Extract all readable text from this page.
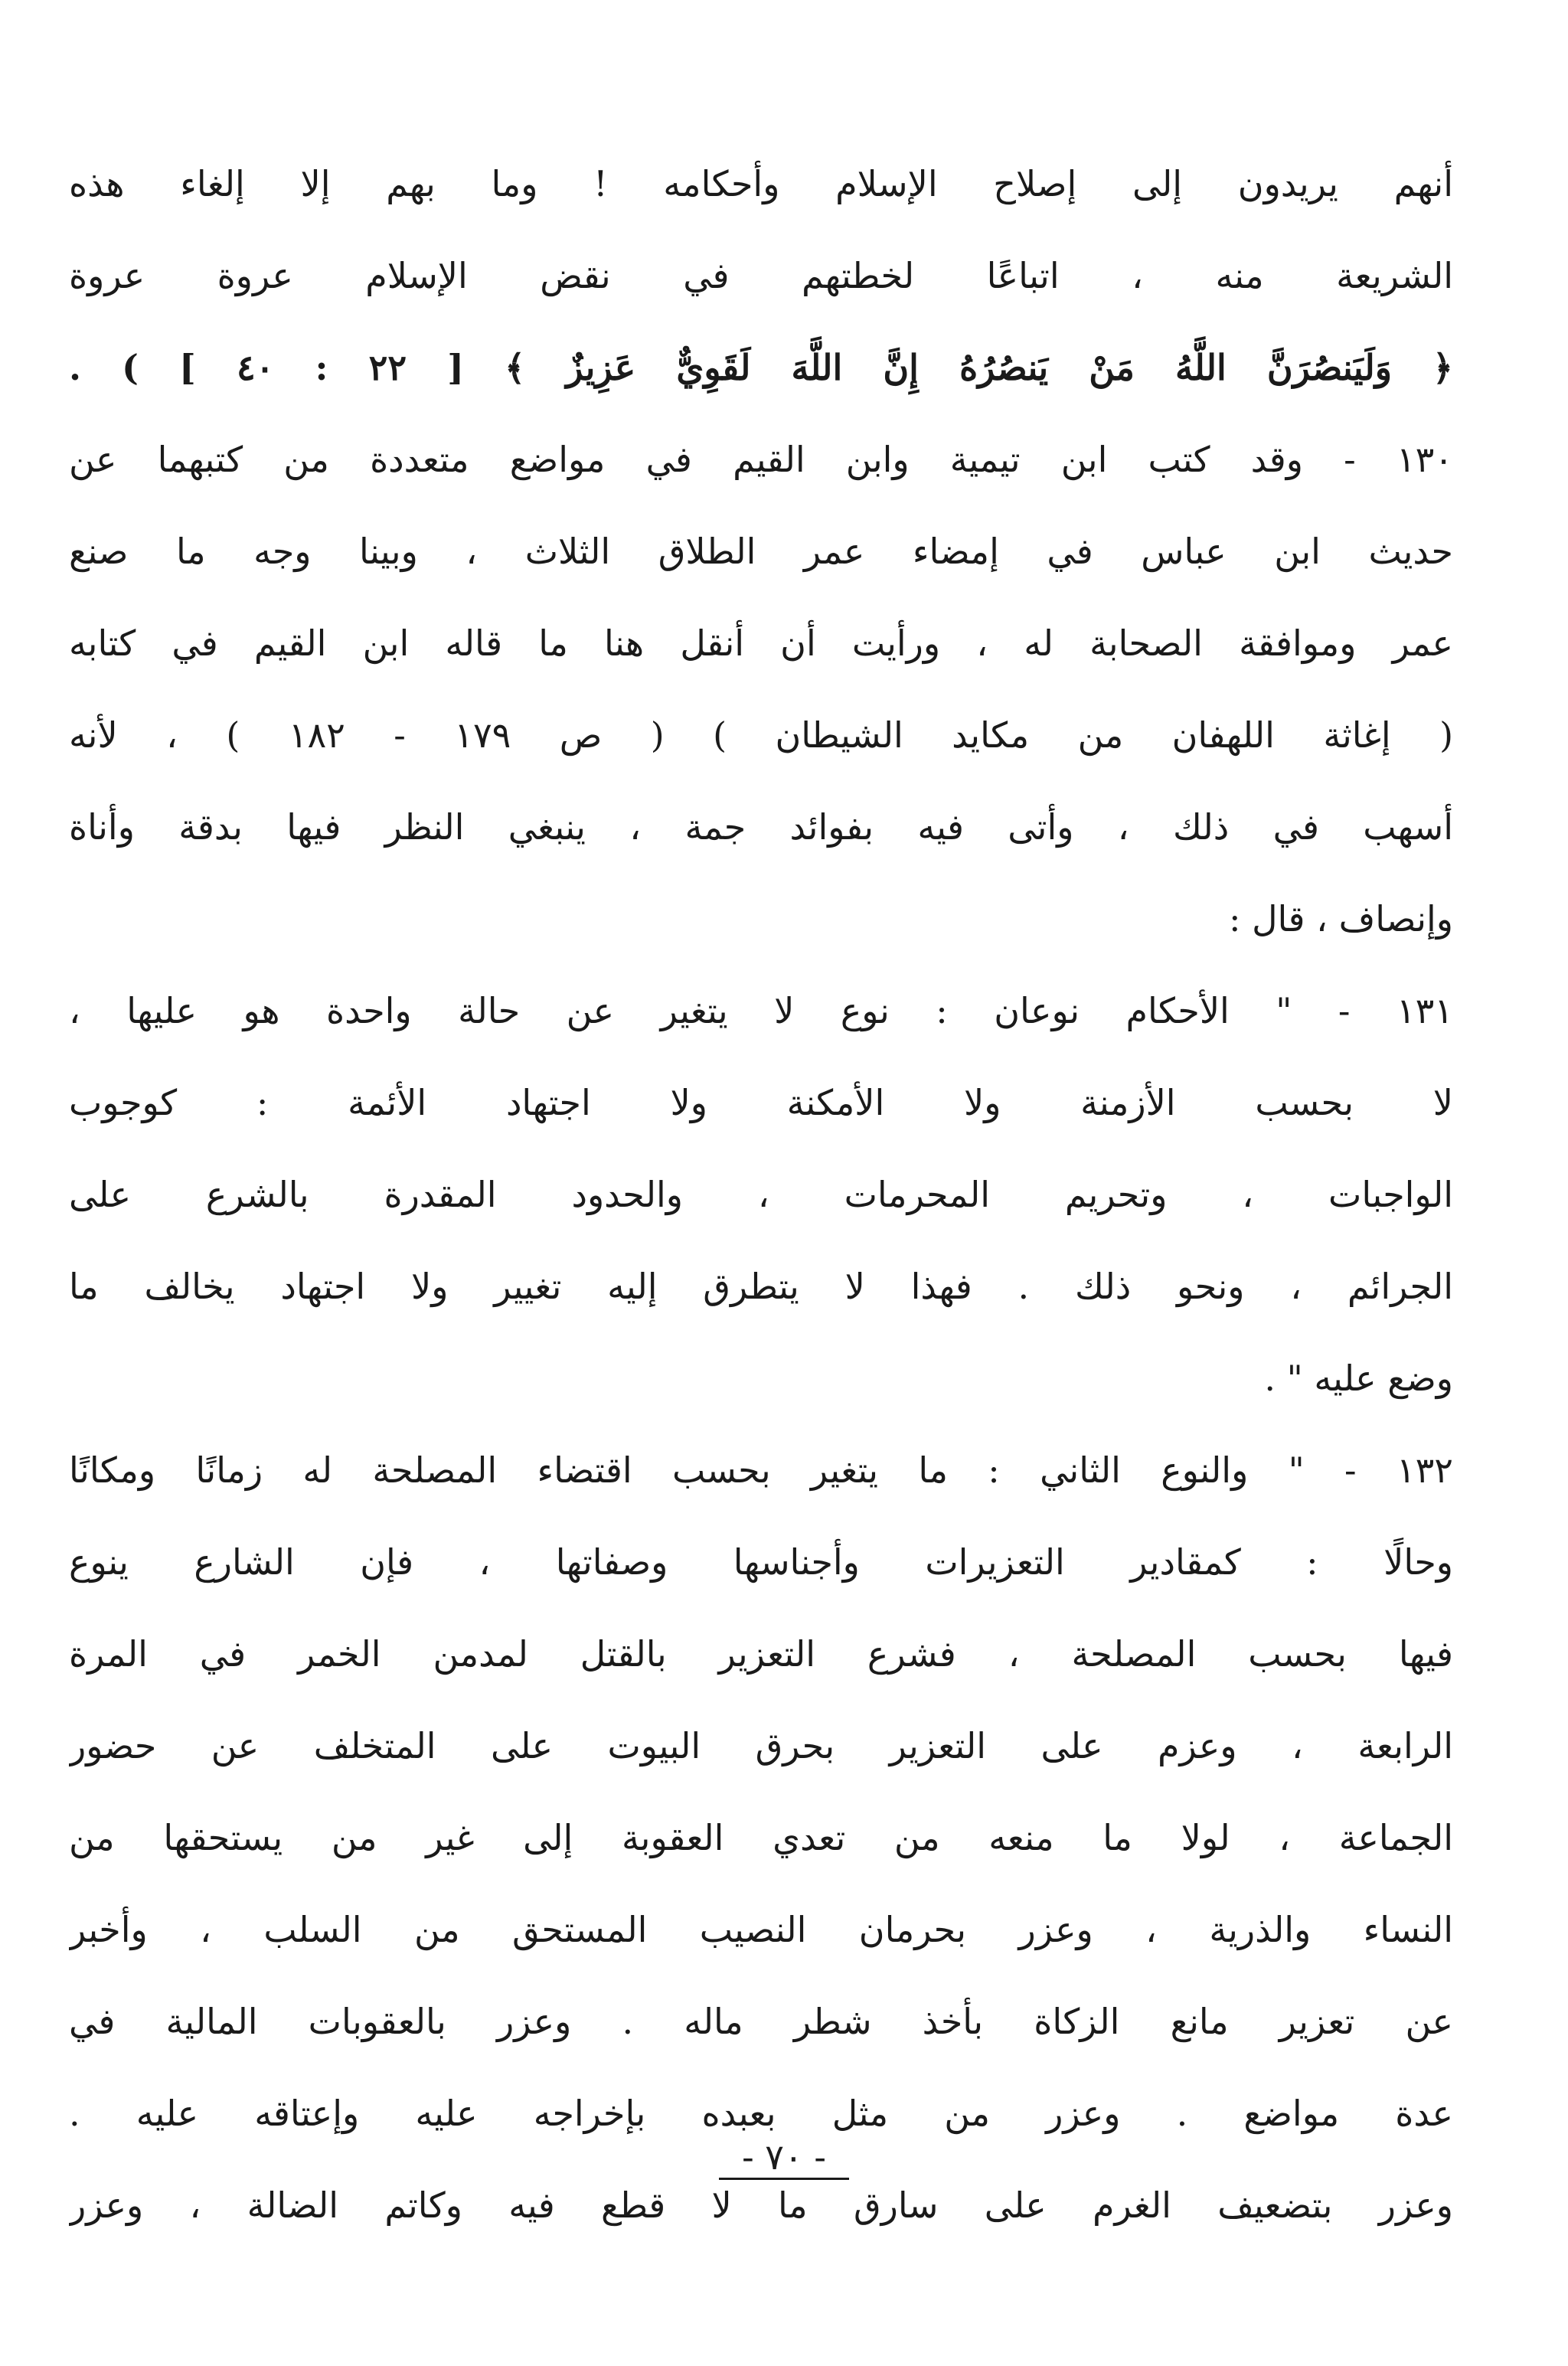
أنهم يريدون إلى إصلاح الإسلام وأحكامه ! وما بهم إلا إلغاء هذه
الشريعة منه ، اتباعًا لخطتهم في نقض الإسلام عروة عروة
﴿ وَلَيَنصُرَنَّ اللَّهُ مَنْ يَنصُرُهُ إِنَّ اللَّهَ لَقَوِيٌّ عَزِيزٌ ﴾ [ ٢٢ : ٤٠ ] ) .
١٣٠ - وقد كتب ابن تيمية وابن القيم في مواضع متعددة من كتبهما عن
حديث ابن عباس في إمضاء عمر الطلاق الثلاث ، وبينا وجه ما صنع
عمر وموافقة الصحابة له ، ورأيت أن أنقل هنا ما قاله ابن القيم في كتابه
( إغاثة اللهفان من مكايد الشيطان ) ( ص ١٧٩ - ١٨٢ ) ، لأنه
أسهب في ذلك ، وأتى فيه بفوائد جمة ، ينبغي النظر فيها بدقة وأناة
وإنصاف ، قال :
١٣١ - " الأحكام نوعان : نوع لا يتغير عن حالة واحدة هو عليها ،
لا بحسب الأزمنة ولا الأمكنة ولا اجتهاد الأئمة : كوجوب
الواجبات ، وتحريم المحرمات ، والحدود المقدرة بالشرع على
الجرائم ، ونحو ذلك . فهذا لا يتطرق إليه تغيير ولا اجتهاد يخالف ما
وضع عليه " .
١٣٢ - " والنوع الثاني : ما يتغير بحسب اقتضاء المصلحة له زمانًا ومكانًا
وحالًا : كمقادير التعزيرات وأجناسها وصفاتها ، فإن الشارع ينوع
فيها بحسب المصلحة ، فشرع التعزير بالقتل لمدمن الخمر في المرة
الرابعة ، وعزم على التعزير بحرق البيوت على المتخلف عن حضور
الجماعة ، لولا ما منعه من تعدي العقوبة إلى غير من يستحقها من
النساء والذرية ، وعزر بحرمان النصيب المستحق من السلب ، وأخبر
عن تعزير مانع الزكاة بأخذ شطر ماله . وعزر بالعقوبات المالية في
عدة مواضع . وعزر من مثل بعبده بإخراجه عليه وإعتاقه عليه .
وعزر بتضعيف الغرم على سارق ما لا قطع فيه وكاتم الضالة ، وعزر
- ٧٠ -
